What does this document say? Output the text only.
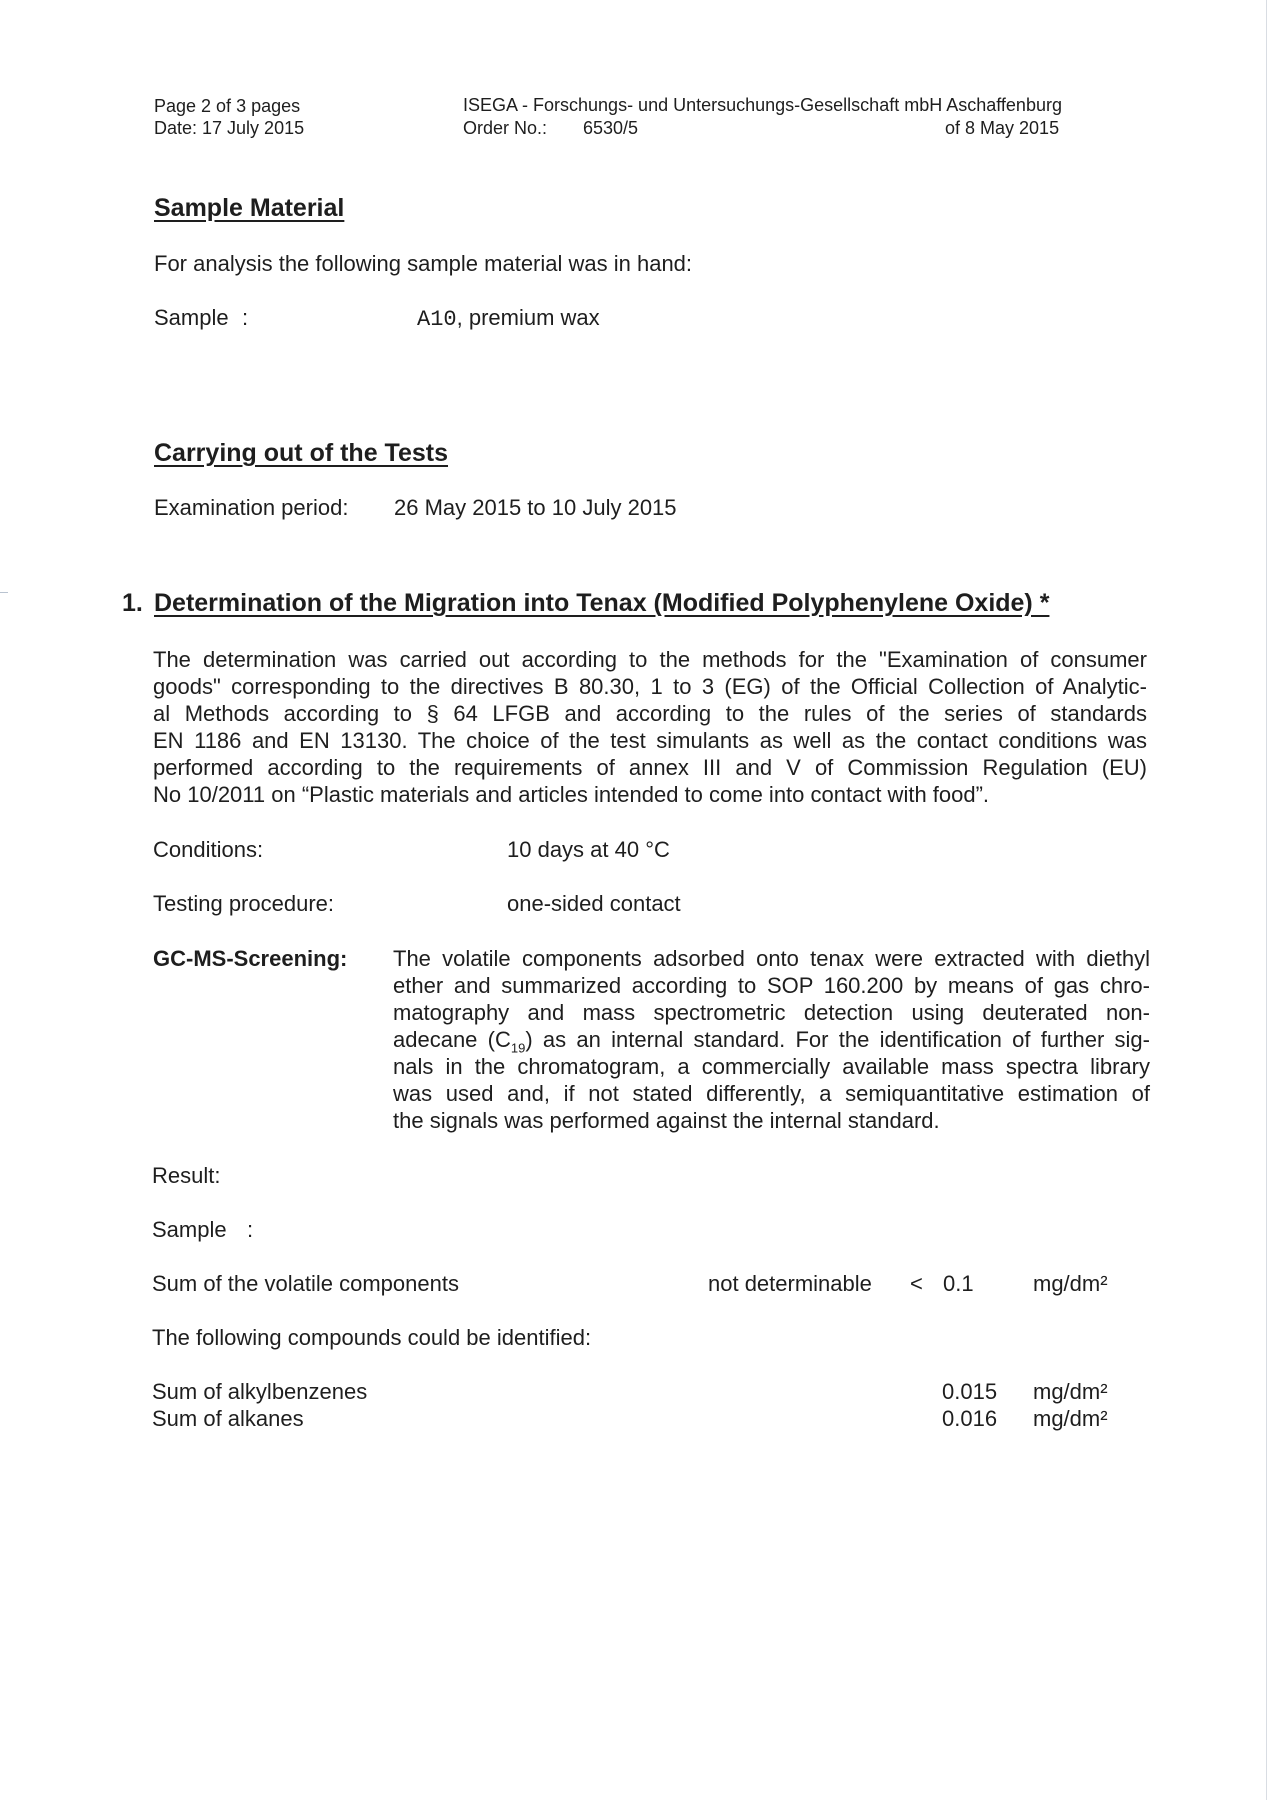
Page 2 of 3 pages
Date: 17 July 2015
ISEGA - Forschungs- und Untersuchungs-Gesellschaft mbH Aschaffenburg
Order No.: 6530/5	of 8 May 2015
Sample Material
For analysis the following sample material was in hand:
Sample :	A10, premium wax
Carrying out of the Tests
Examination period: 26 May 2015 to 10 July 2015
1. Determination of the Migration into Tenax (Modified Polyphenylene Oxide) *
The determination was carried out according to the methods for the "Examination of consumer
goods" corresponding to the directives B 80.30, 1 to 3 (EG) of the Official Collection of Analytic-
al Methods according to § 64 LFGB and according to the rules of the series of standards
EN 1186 and EN 13130. The choice of the test simulants as well as the contact conditions was
performed according to the requirements of annex III and V of Commission Regulation (EU)
No 10/2011 on “Plastic materials and articles intended to come into contact with food”.
Conditions:	10 days at 40 °C
Testing procedure:	one-sided contact
GC-MS-Screening: The volatile components adsorbed onto tenax were extracted with diethyl
ether and summarized according to SOP 160.200 by means of gas chro-
matography and mass spectrometric detection using deuterated non-
adecane $(C_{19})$ as an internal standard. For the identification of further sig-
nals in the chromatogram, a commercially available mass spectra library
was used and, if not stated differently, a semiquantitative estimation of
the signals was performed against the internal standard.
Result:
Sample :
Sum of the volatile components	not determinable < 0.1	mg/dm²
The following compounds could be identified:
Sum of alkylbenzenes	0.015 mg/dm²
Sum of alkanes	0.016 mg/dm²
